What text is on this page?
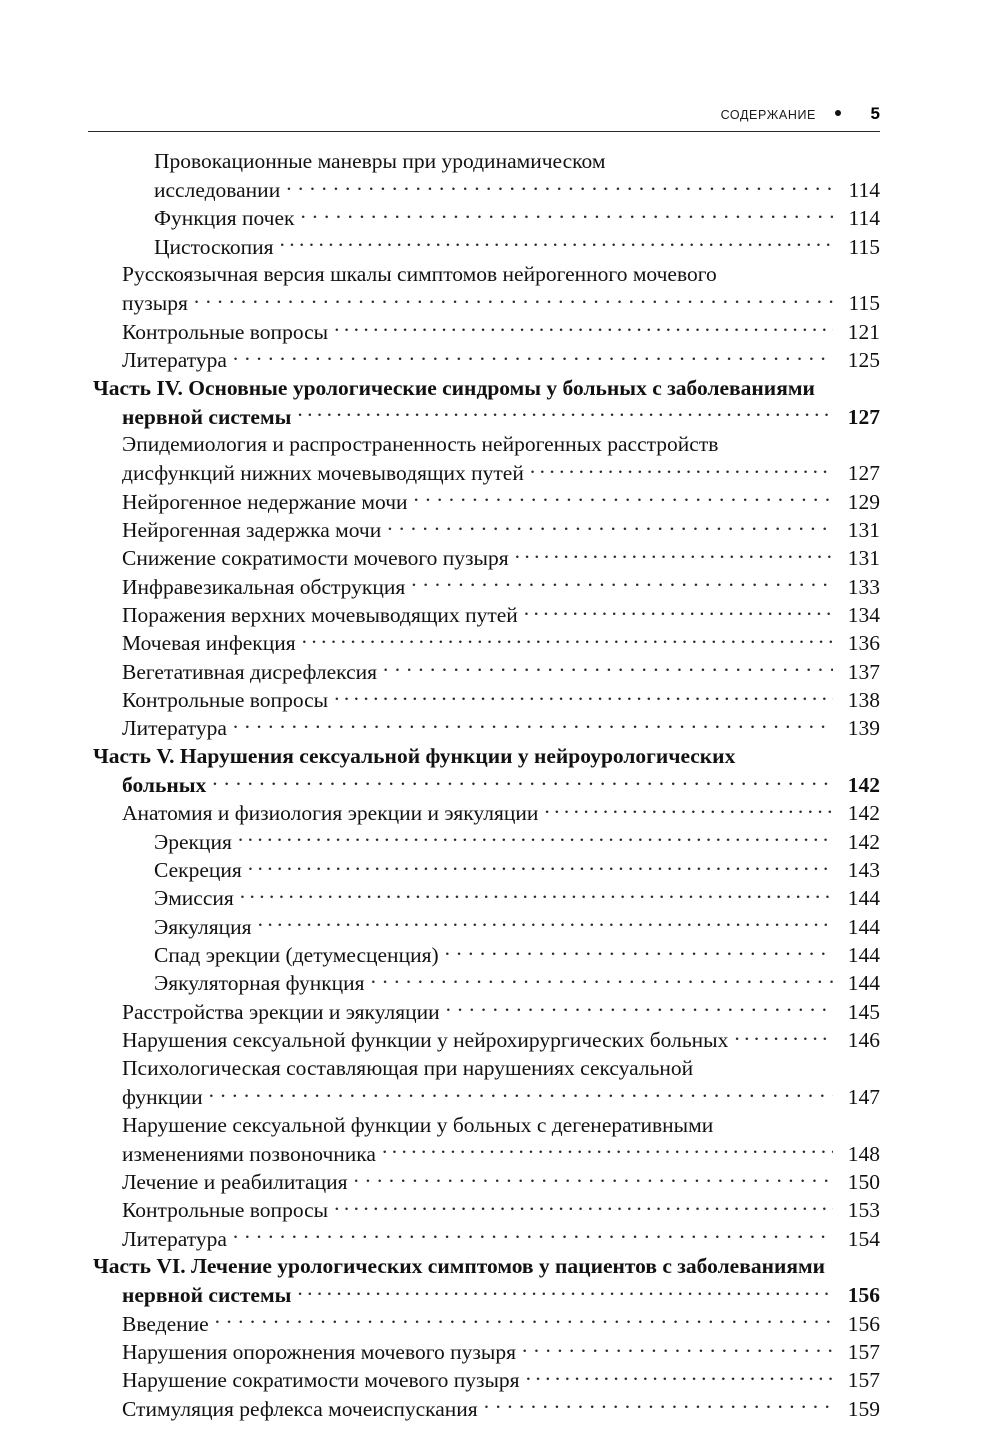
СОДЕРЖАНИЕ	5
Провокационные маневры при уродинамическом
исследовании . . .	114
Функция почек . . .	114
Цистоскопия . . .	115
Русскоязычная версия шкалы симптомов нейрогенного мочевого
пузыря . . .	115
Контрольные вопросы . . .	121
Литература . . .	125
Часть IV. Основные урологические синдромы у больных с заболеваниями
нервной системы . . .	127
Эпидемиология и распространенность нейрогенных расстройств
дисфункций нижних мочевыводящих путей . . .	127
Нейрогенное недержание мочи . . .	129
Нейрогенная задержка мочи . . .	131
Снижение сократимости мочевого пузыря . . .	131
Инфравезикальная обструкция . . .	133
Поражения верхних мочевыводящих путей . . .	134
Мочевая инфекция . . .	136
Вегетативная дисрефлексия . . .	137
Контрольные вопросы . . .	138
Литература . . .	139
Часть V. Нарушения сексуальной функции у нейроурологических
больных . . .	142
Анатомия и физиология эрекции и эякуляции . . .	142
Эрекция . . .	142
Секреция . . .	143
Эмиссия . . .	144
Эякуляция . . .	144
Спад эрекции (детумесценция) . . .	144
Эякуляторная функция . . .	144
Расстройства эрекции и эякуляции . . .	145
Нарушения сексуальной функции у нейрохирургических больных . . .	146
Психологическая составляющая при нарушениях сексуальной
функции . . .	147
Нарушение сексуальной функции у больных с дегенеративными
изменениями позвоночника . . .	148
Лечение и реабилитация . . .	150
Контрольные вопросы . . .	153
Литература . . .	154
Часть VI. Лечение урологических симптомов у пациентов с заболеваниями
нервной системы . . .	156
Введение . . .	156
Нарушения опорожнения мочевого пузыря . . .	157
Нарушение сократимости мочевого пузыря . . .	157
Стимуляция рефлекса мочеиспускания . . .	159
